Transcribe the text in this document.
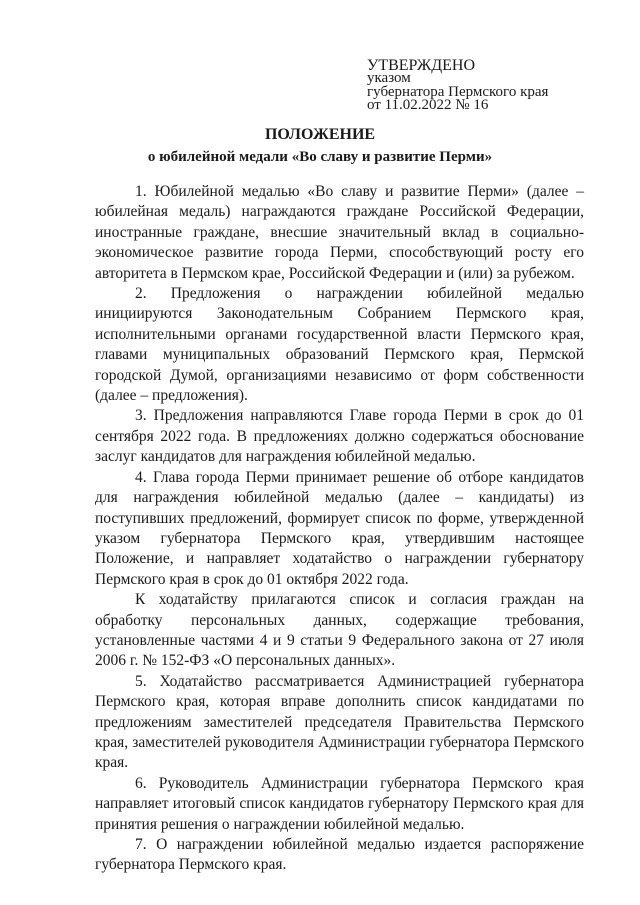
УТВЕРЖДЕНО
указом
губернатора Пермского края
от 11.02.2022 № 16
ПОЛОЖЕНИЕ
о юбилейной медали «Во славу и развитие Перми»

1. Юбилейной медалью «Во славу и развитие Перми» (далее – юбилейная медаль) награждаются граждане Российской Федерации, иностранные граждане, внесшие значительный вклад в социально-экономическое развитие города Перми, способствующий росту его авторитета в Пермском крае, Российской Федерации и (или) за рубежом.

2. Предложения о награждении юбилейной медалью инициируются Законодательным Собранием Пермского края, исполнительными органами государственной власти Пермского края, главами муниципальных образований Пермского края, Пермской городской Думой, организациями независимо от форм собственности (далее – предложения).

3. Предложения направляются Главе города Перми в срок до 01 сентября 2022 года. В предложениях должно содержаться обоснование заслуг кандидатов для награждения юбилейной медалью.

4. Глава города Перми принимает решение об отборе кандидатов для награждения юбилейной медалью (далее – кандидаты) из поступивших предложений, формирует список по форме, утвержденной указом губернатора Пермского края, утвердившим настоящее Положение, и направляет ходатайство о награждении губернатору Пермского края в срок до 01 октября 2022 года.

К ходатайству прилагаются список и согласия граждан на обработку персональных данных, содержащие требования, установленные частями 4 и 9 статьи 9 Федерального закона от 27 июля 2006 г. № 152-ФЗ «О персональных данных».

5. Ходатайство рассматривается Администрацией губернатора Пермского края, которая вправе дополнить список кандидатами по предложениям заместителей председателя Правительства Пермского края, заместителей руководителя Администрации губернатора Пермского края.

6. Руководитель Администрации губернатора Пермского края направляет итоговый список кандидатов губернатору Пермского края для принятия решения о награждении юбилейной медалью.

7. О награждении юбилейной медалью издается распоряжение губернатора Пермского края.
